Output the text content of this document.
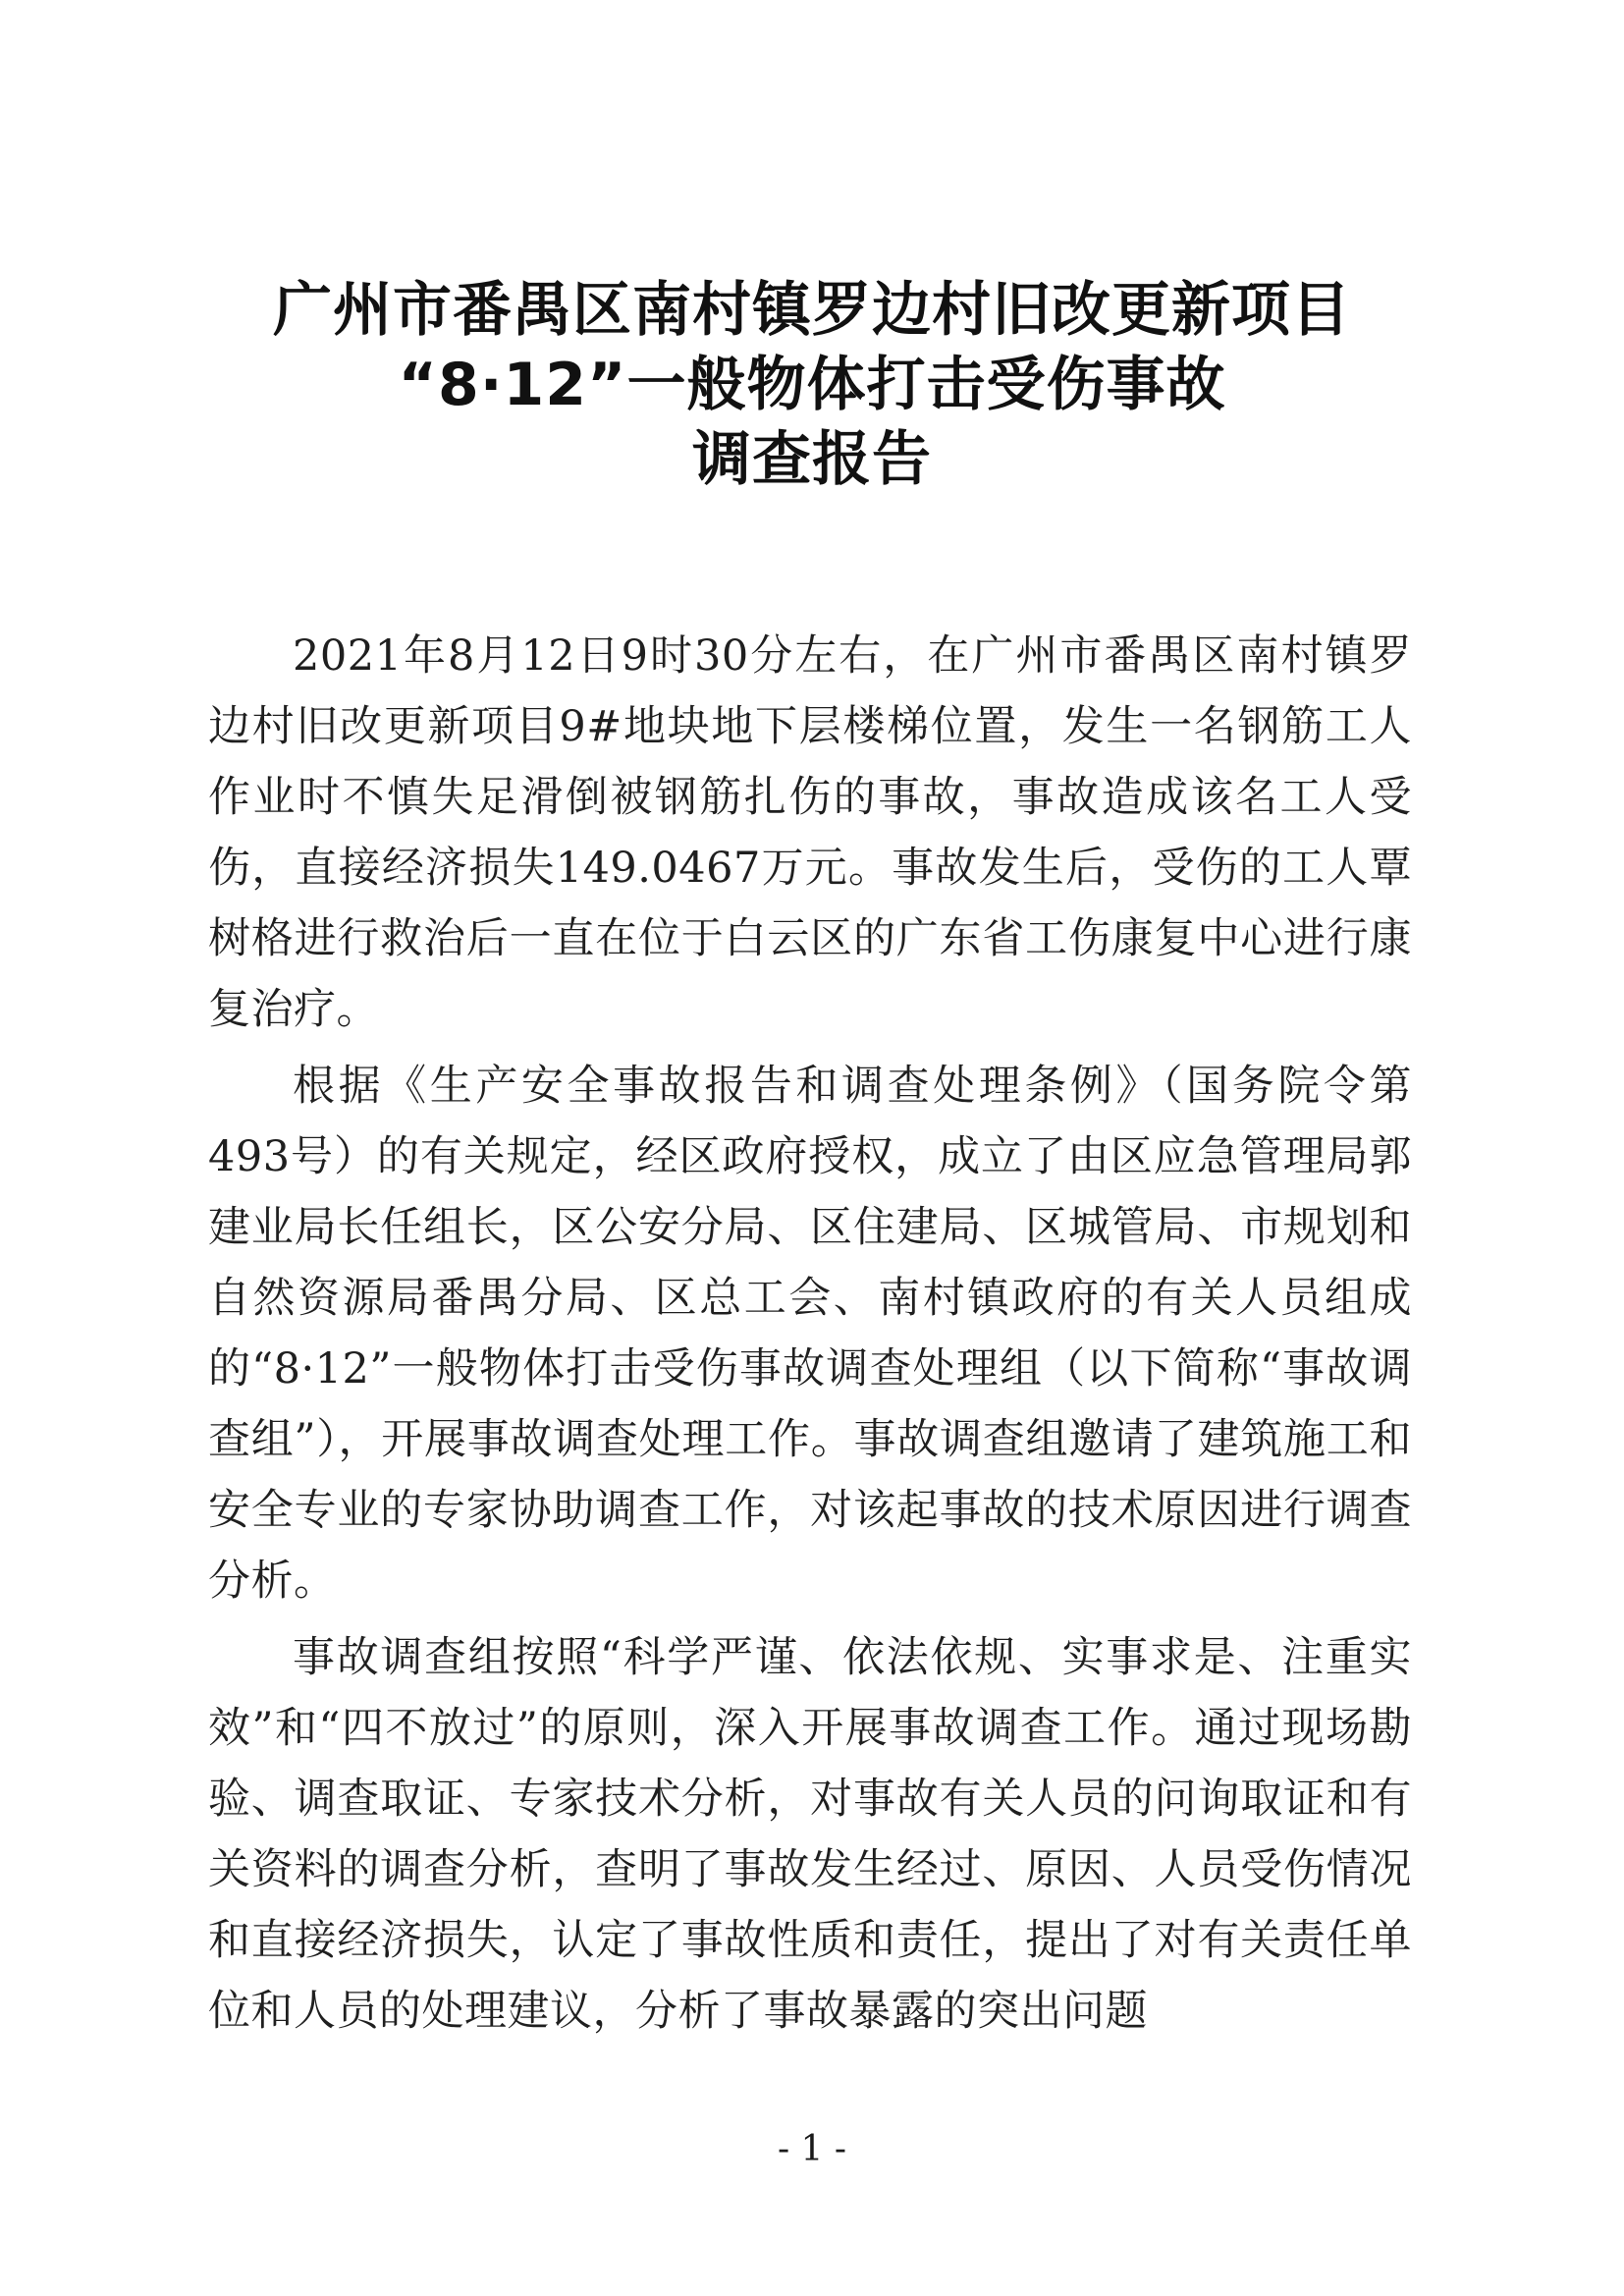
广州市番禺区南村镇罗边村旧改更新项目
“8·12”一般物体打击受伤事故
调查报告

2021年8月12日9时30分左右，在广州市番禺区南村镇罗边村旧改更新项目9#地块地下层楼梯位置，发生一名钢筋工人作业时不慎失足滑倒被钢筋扎伤的事故，事故造成该名工人受伤，直接经济损失149.0467万元。事故发生后，受伤的工人覃树格进行救治后一直在位于白云区的广东省工伤康复中心进行康复治疗。

根据《生产安全事故报告和调查处理条例》（国务院令第493号）的有关规定，经区政府授权，成立了由区应急管理局郭建业局长任组长，区公安分局、区住建局、区城管局、市规划和自然资源局番禺分局、区总工会、南村镇政府的有关人员组成的“8·12”一般物体打击受伤事故调查处理组（以下简称“事故调查组”），开展事故调查处理工作。事故调查组邀请了建筑施工和安全专业的专家协助调查工作，对该起事故的技术原因进行调查分析。

事故调查组按照“科学严谨、依法依规、实事求是、注重实效”和“四不放过”的原则，深入开展事故调查工作。通过现场勘验、调查取证、专家技术分析，对事故有关人员的问询取证和有关资料的调查分析，查明了事故发生经过、原因、人员受伤情况和直接经济损失，认定了事故性质和责任，提出了对有关责任单位和人员的处理建议，分析了事故暴露的突出问题

- 1 -
